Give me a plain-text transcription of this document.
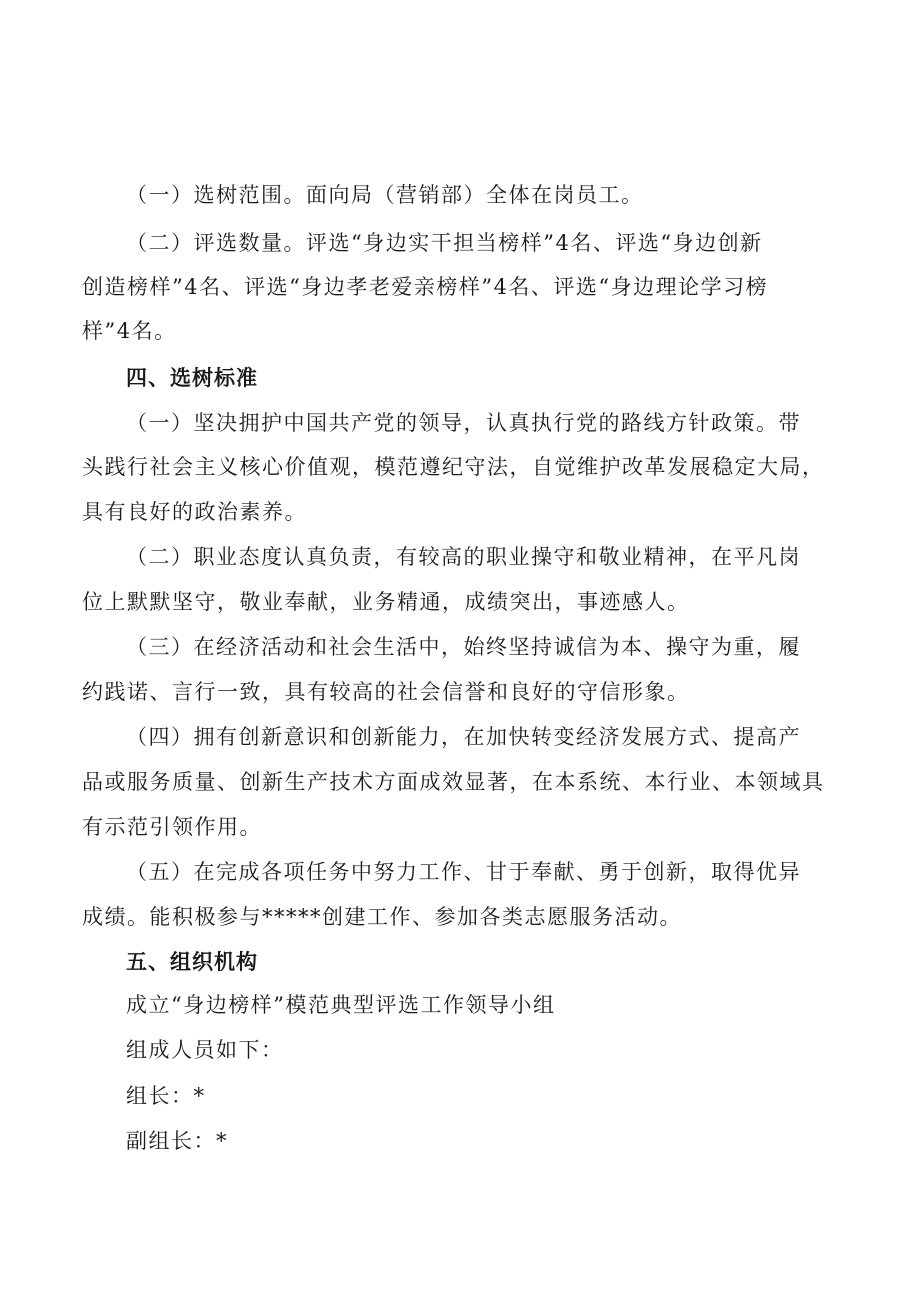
（一）选树范围。面向局（营销部）全体在岗员工。

（二）评选数量。评选“身边实干担当榜样”4名、评选“身边创新

创造榜样”4名、评选“身边孝老爱亲榜样”4名、评选“身边理论学习榜

样”4名。

四、选树标准

（一）坚决拥护中国共产党的领导，认真执行党的路线方针政策。带

头践行社会主义核心价值观，模范遵纪守法，自觉维护改革发展稳定大局，

具有良好的政治素养。

（二）职业态度认真负责，有较高的职业操守和敬业精神，在平凡岗

位上默默坚守，敬业奉献，业务精通，成绩突出，事迹感人。

（三）在经济活动和社会生活中，始终坚持诚信为本、操守为重，履

约践诺、言行一致，具有较高的社会信誉和良好的守信形象。

（四）拥有创新意识和创新能力，在加快转变经济发展方式、提高产

品或服务质量、创新生产技术方面成效显著，在本系统、本行业、本领域具

有示范引领作用。

（五）在完成各项任务中努力工作、甘于奉献、勇于创新，取得优异

成绩。能积极参与*****创建工作、参加各类志愿服务活动。

五、组织机构

成立“身边榜样”模范典型评选工作领导小组

组成人员如下：

组长：*

副组长：*
